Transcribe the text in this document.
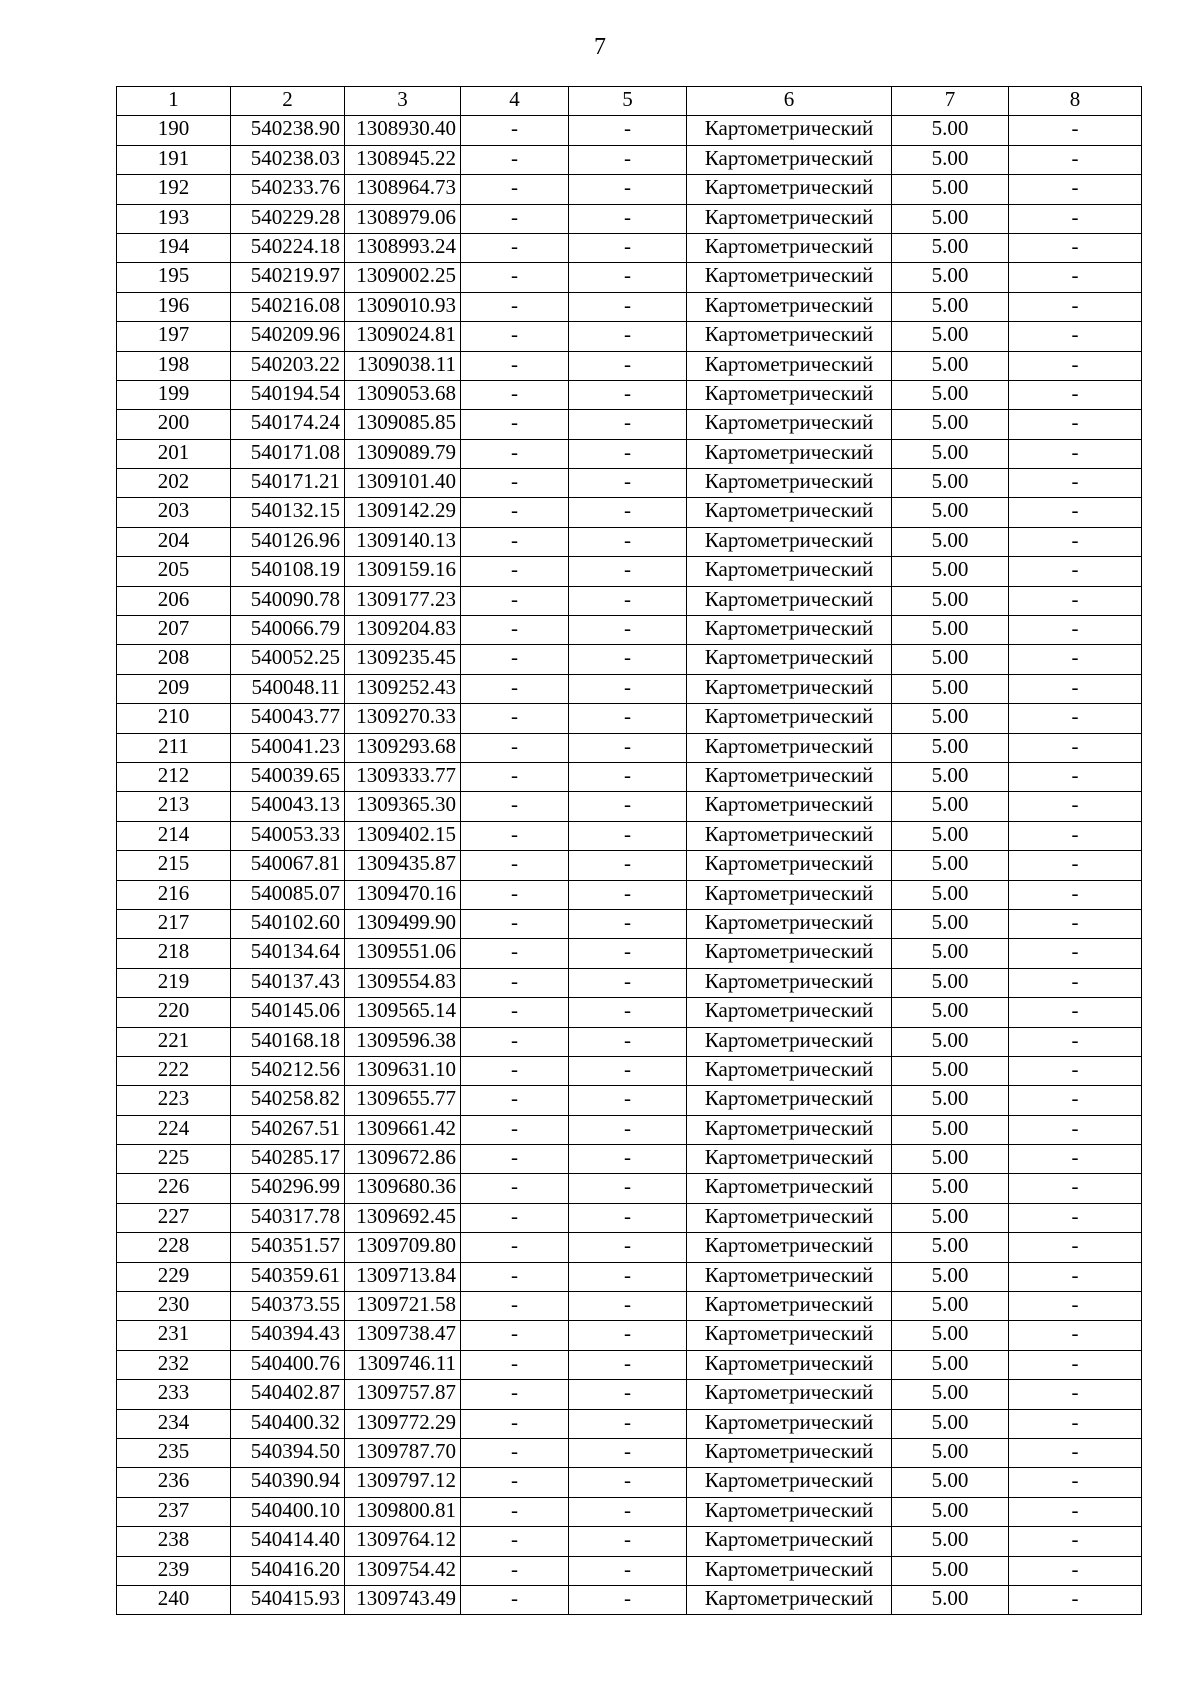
7
1	2	3	4	5	6	7	8
190	540238.90	1308930.40	-	-	Картометрический	5.00	-
191	540238.03	1308945.22	-	-	Картометрический	5.00	-
192	540233.76	1308964.73	-	-	Картометрический	5.00	-
193	540229.28	1308979.06	-	-	Картометрический	5.00	-
194	540224.18	1308993.24	-	-	Картометрический	5.00	-
195	540219.97	1309002.25	-	-	Картометрический	5.00	-
196	540216.08	1309010.93	-	-	Картометрический	5.00	-
197	540209.96	1309024.81	-	-	Картометрический	5.00	-
198	540203.22	1309038.11	-	-	Картометрический	5.00	-
199	540194.54	1309053.68	-	-	Картометрический	5.00	-
200	540174.24	1309085.85	-	-	Картометрический	5.00	-
201	540171.08	1309089.79	-	-	Картометрический	5.00	-
202	540171.21	1309101.40	-	-	Картометрический	5.00	-
203	540132.15	1309142.29	-	-	Картометрический	5.00	-
204	540126.96	1309140.13	-	-	Картометрический	5.00	-
205	540108.19	1309159.16	-	-	Картометрический	5.00	-
206	540090.78	1309177.23	-	-	Картометрический	5.00	-
207	540066.79	1309204.83	-	-	Картометрический	5.00	-
208	540052.25	1309235.45	-	-	Картометрический	5.00	-
209	540048.11	1309252.43	-	-	Картометрический	5.00	-
210	540043.77	1309270.33	-	-	Картометрический	5.00	-
211	540041.23	1309293.68	-	-	Картометрический	5.00	-
212	540039.65	1309333.77	-	-	Картометрический	5.00	-
213	540043.13	1309365.30	-	-	Картометрический	5.00	-
214	540053.33	1309402.15	-	-	Картометрический	5.00	-
215	540067.81	1309435.87	-	-	Картометрический	5.00	-
216	540085.07	1309470.16	-	-	Картометрический	5.00	-
217	540102.60	1309499.90	-	-	Картометрический	5.00	-
218	540134.64	1309551.06	-	-	Картометрический	5.00	-
219	540137.43	1309554.83	-	-	Картометрический	5.00	-
220	540145.06	1309565.14	-	-	Картометрический	5.00	-
221	540168.18	1309596.38	-	-	Картометрический	5.00	-
222	540212.56	1309631.10	-	-	Картометрический	5.00	-
223	540258.82	1309655.77	-	-	Картометрический	5.00	-
224	540267.51	1309661.42	-	-	Картометрический	5.00	-
225	540285.17	1309672.86	-	-	Картометрический	5.00	-
226	540296.99	1309680.36	-	-	Картометрический	5.00	-
227	540317.78	1309692.45	-	-	Картометрический	5.00	-
228	540351.57	1309709.80	-	-	Картометрический	5.00	-
229	540359.61	1309713.84	-	-	Картометрический	5.00	-
230	540373.55	1309721.58	-	-	Картометрический	5.00	-
231	540394.43	1309738.47	-	-	Картометрический	5.00	-
232	540400.76	1309746.11	-	-	Картометрический	5.00	-
233	540402.87	1309757.87	-	-	Картометрический	5.00	-
234	540400.32	1309772.29	-	-	Картометрический	5.00	-
235	540394.50	1309787.70	-	-	Картометрический	5.00	-
236	540390.94	1309797.12	-	-	Картометрический	5.00	-
237	540400.10	1309800.81	-	-	Картометрический	5.00	-
238	540414.40	1309764.12	-	-	Картометрический	5.00	-
239	540416.20	1309754.42	-	-	Картометрический	5.00	-
240	540415.93	1309743.49	-	-	Картометрический	5.00	-
